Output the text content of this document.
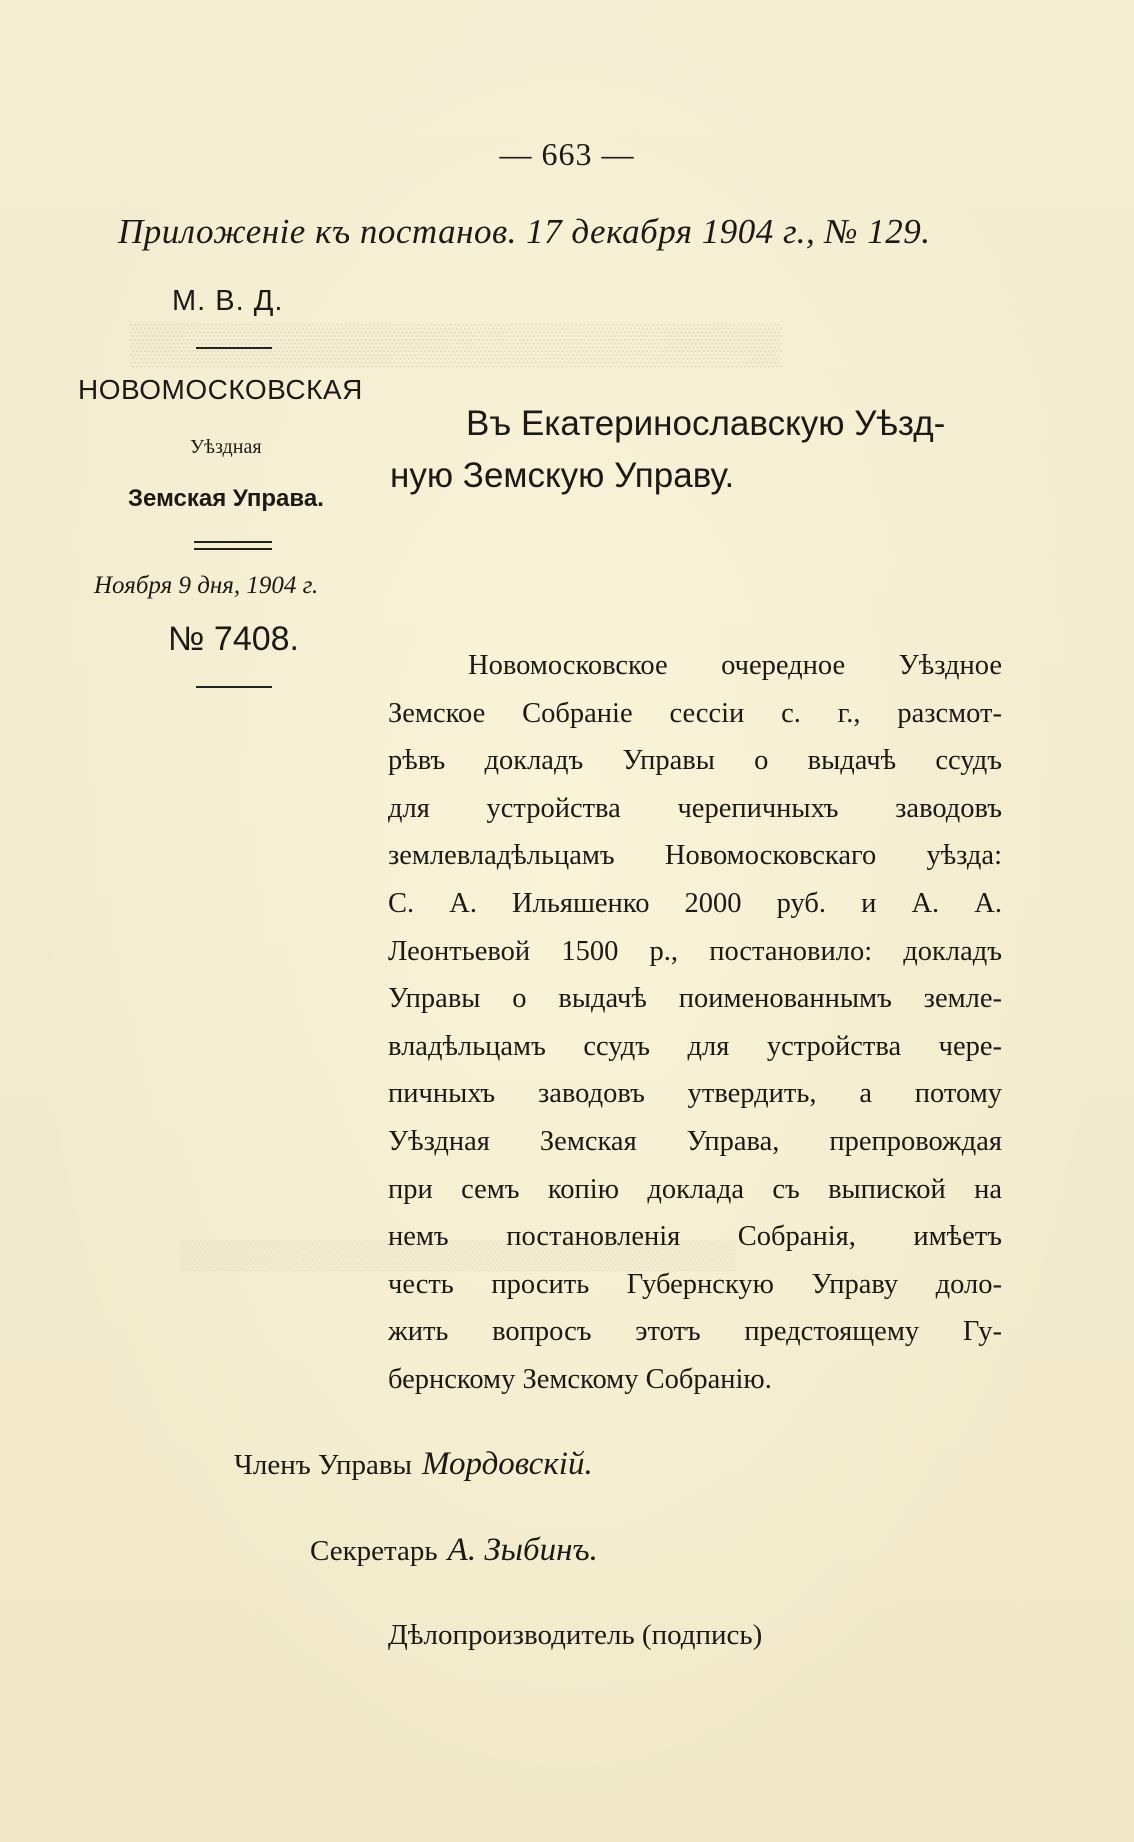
▒▒▒▒▒▒▒▒▒▒▒▒▒▒▒▒▒▒▒▒▒▒▒
▒▒▒▒▒▒▒▒▒▒▒▒▒▒▒▒▒▒▒▒▒▒▒▒▒▒▒▒
— 663 —
Приложеніе къ постанов. 17 декабря 1904 г., № 129.
М. В. Д.
НОВОМОСКОВСКАЯ
Уѣздная
Земская Управа.
Ноября 9 дня, 1904 г.
№ 7408.
Въ Екатеринославскую Уѣзд-
ную Земскую Управу.
Новомосковское очередное Уѣздное
Земское Собраніе сессіи с. г., разсмот-
рѣвъ докладъ Управы о выдачѣ ссудъ
для устройства черепичныхъ заводовъ
землевладѣльцамъ Новомосковскаго уѣзда:
С. А. Ильяшенко 2000 руб. и А. А.
Леонтьевой 1500 р., постановило: докладъ
Управы о выдачѣ поименованнымъ земле-
владѣльцамъ ссудъ для устройства чере-
пичныхъ заводовъ утвердить, а потому
Уѣздная Земская Управа, препровождая
при семъ копію доклада съ выпиской на
немъ постановленія Собранія, имѣетъ
честь просить Губернскую Управу доло-
жить вопросъ этотъ предстоящему Гу-
бернскому Земскому Собранію.
Членъ Управы Мордовскій.
Секретарь А. Зыбинъ.
Дѣлопроизводитель (подпись)
